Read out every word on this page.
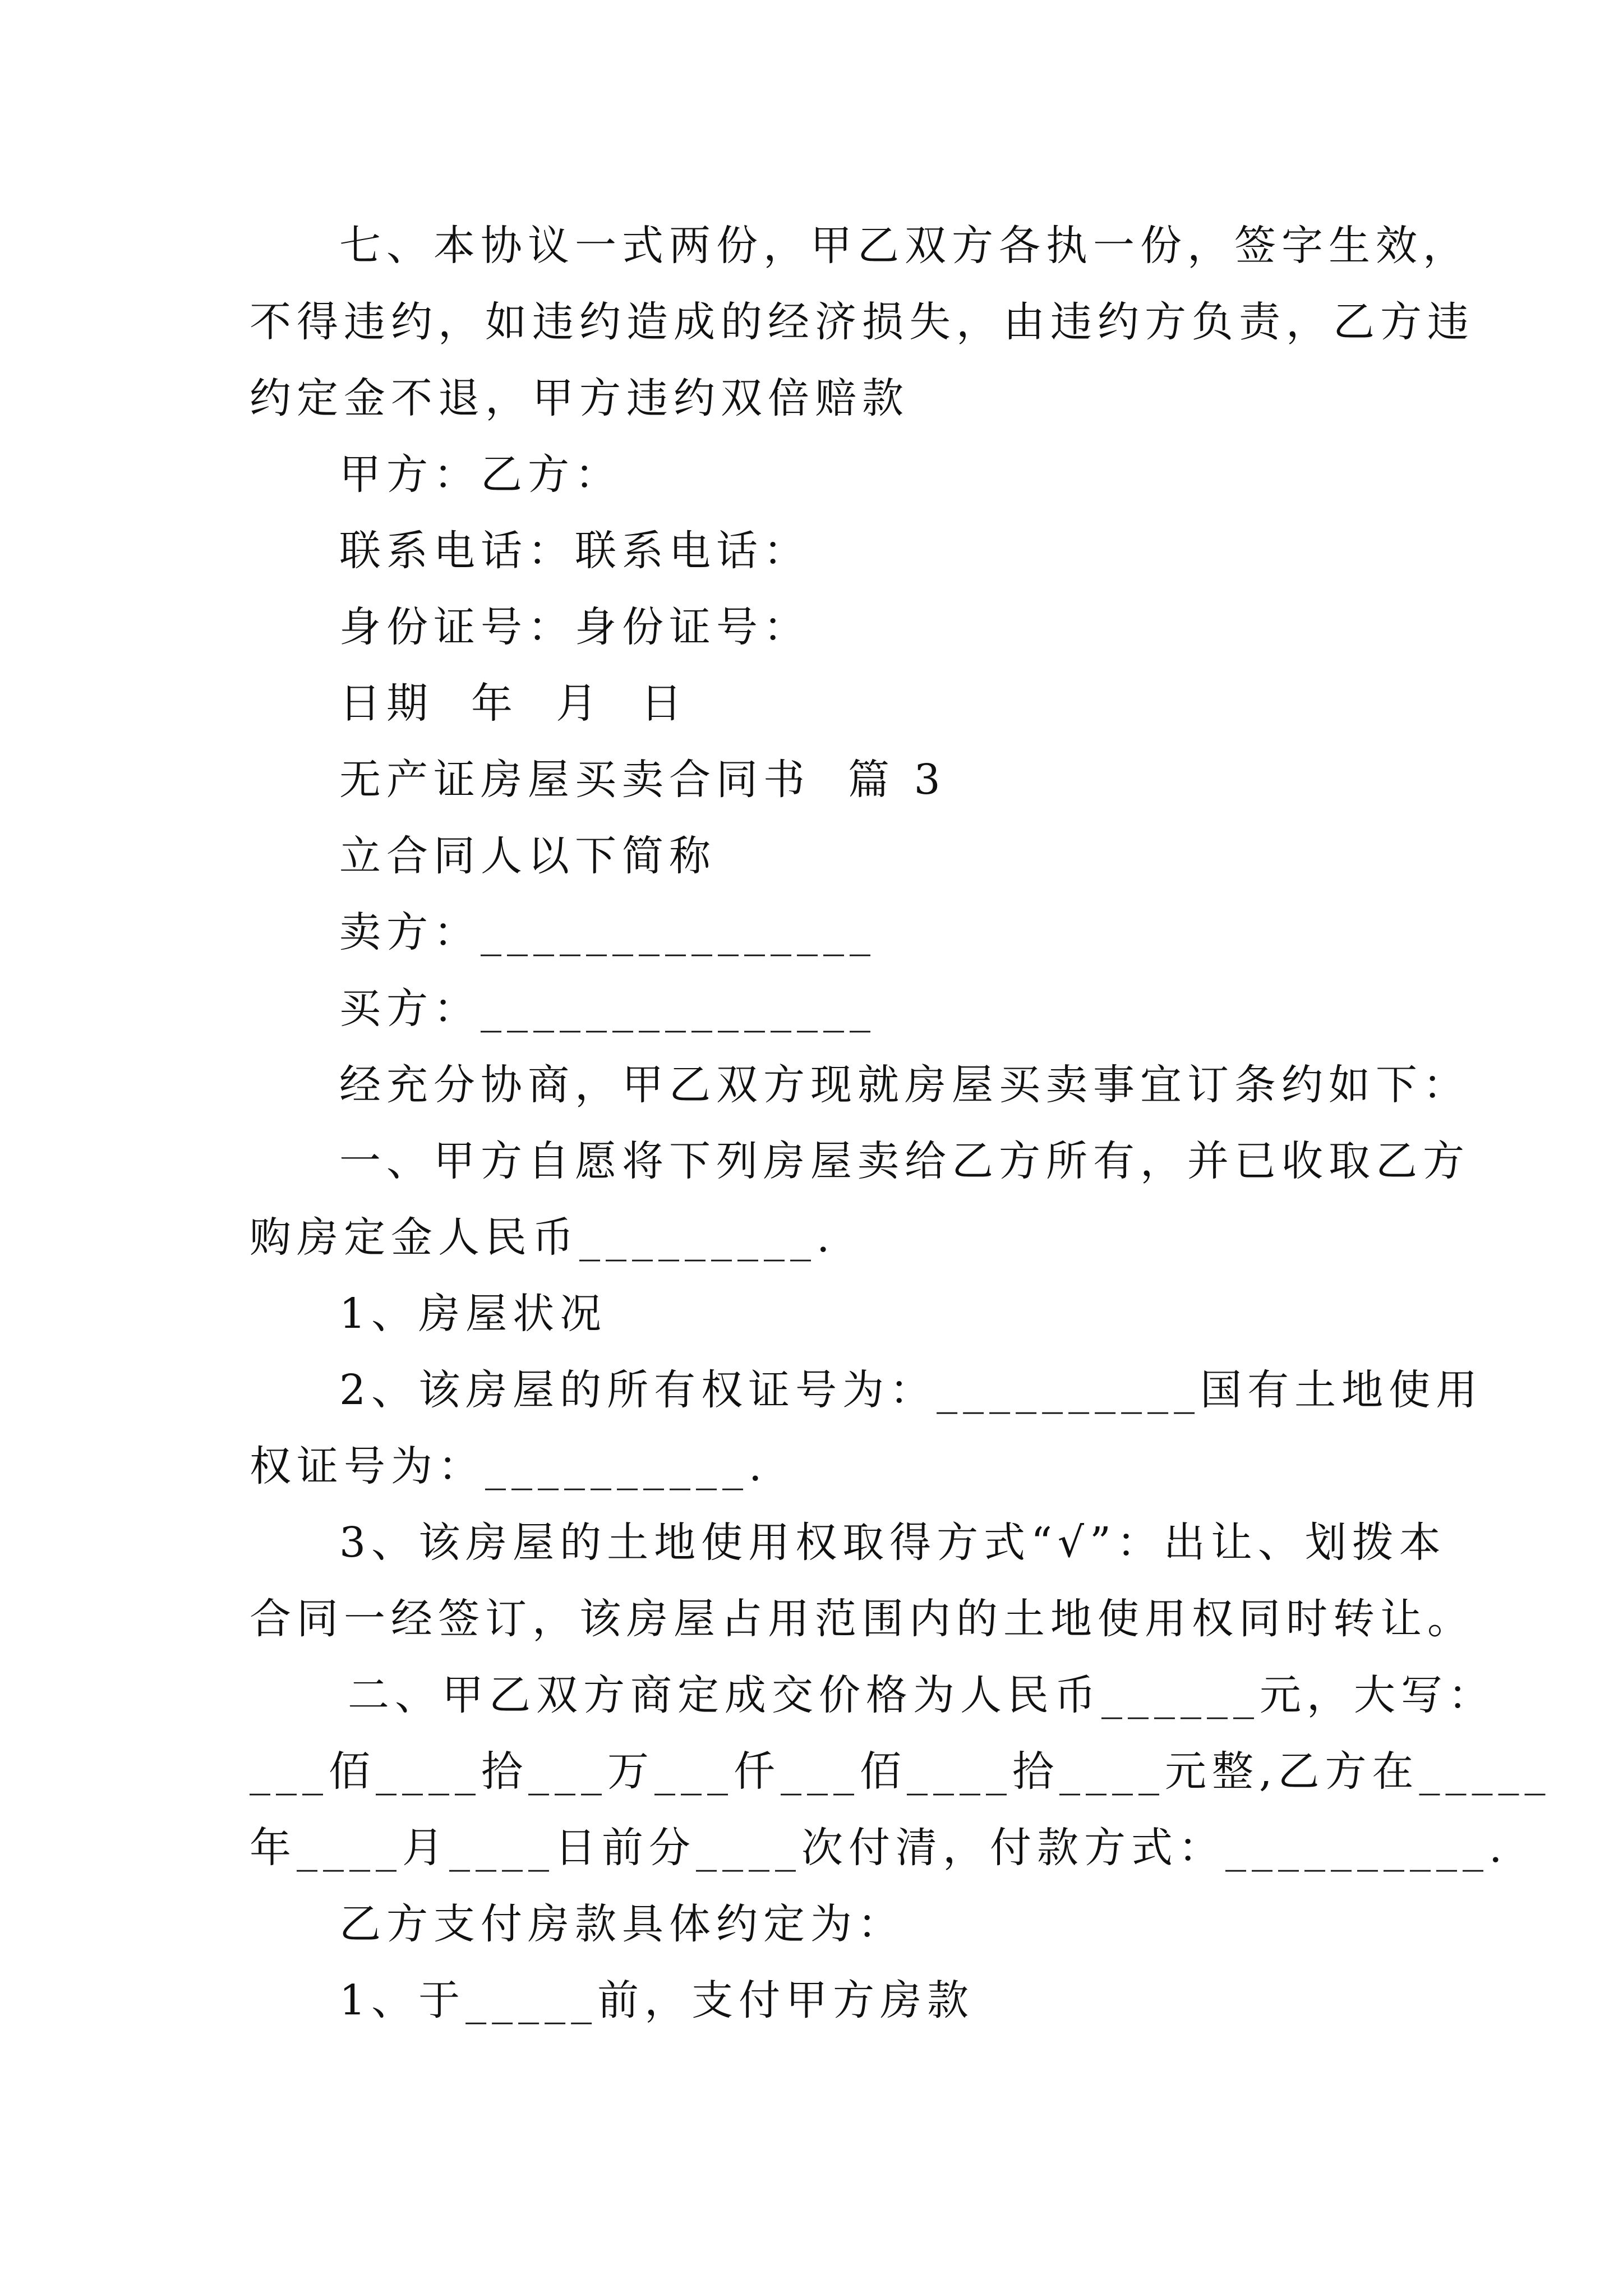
七、本协议一式两份，甲乙双方各执一份，签字生效，
不得违约，如违约造成的经济损失，由违约方负责，乙方违
约定金不退，甲方违约双倍赔款
甲方：乙方：
联系电话：联系电话：
身份证号：身份证号：
日期  年  月  日
无产证房屋买卖合同书  篇 3
立合同人以下简称
卖方：_______________
买方：_______________
经充分协商，甲乙双方现就房屋买卖事宜订条约如下：
一、甲方自愿将下列房屋卖给乙方所有，并已收取乙方
购房定金人民币_________.
1、房屋状况
2、该房屋的所有权证号为：__________国有土地使用
权证号为：__________.
3、该房屋的土地使用权取得方式“√”：出让、划拨本
合同一经签订，该房屋占用范围内的土地使用权同时转让。
二、甲乙双方商定成交价格为人民币______元，大写：
___佰____拾___万___仟___佰____拾____元整,乙方在_____
年____月____日前分____次付清，付款方式：__________.
乙方支付房款具体约定为：
1、于_____前，支付甲方房款
